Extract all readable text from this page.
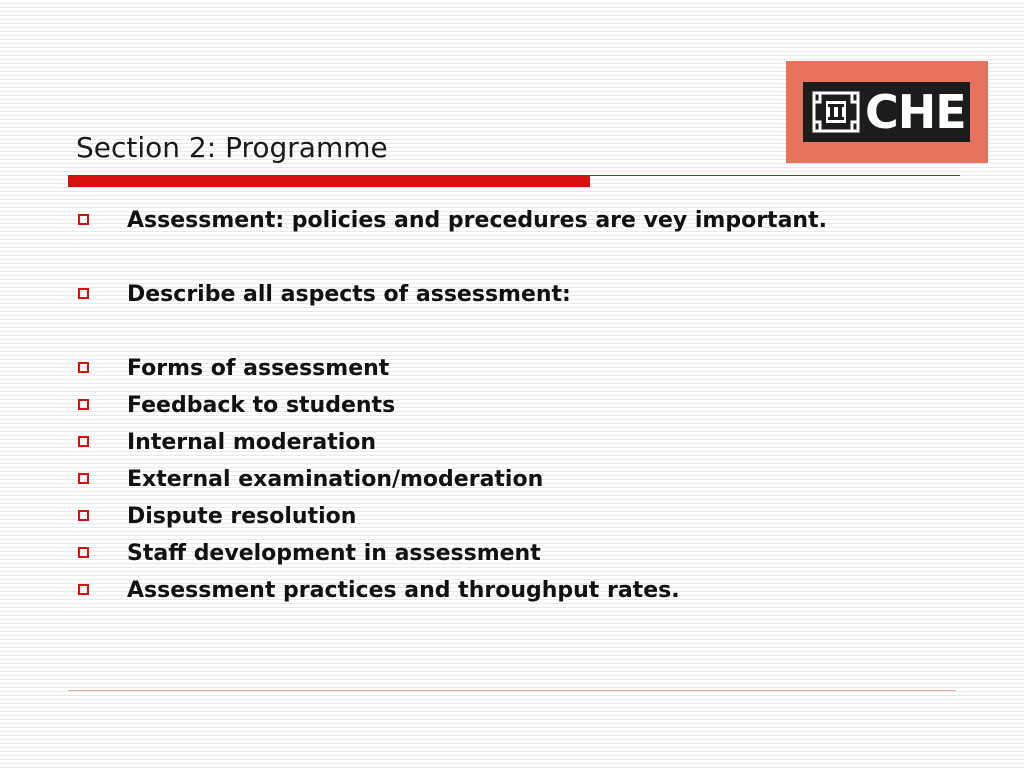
Section 2: Programme
CHE
Assessment: policies and precedures are vey important.
Describe all aspects of assessment:
Forms of assessment
Feedback to students
Internal moderation
External examination/moderation
Dispute resolution
Staff development in assessment
Assessment practices and throughput rates.
